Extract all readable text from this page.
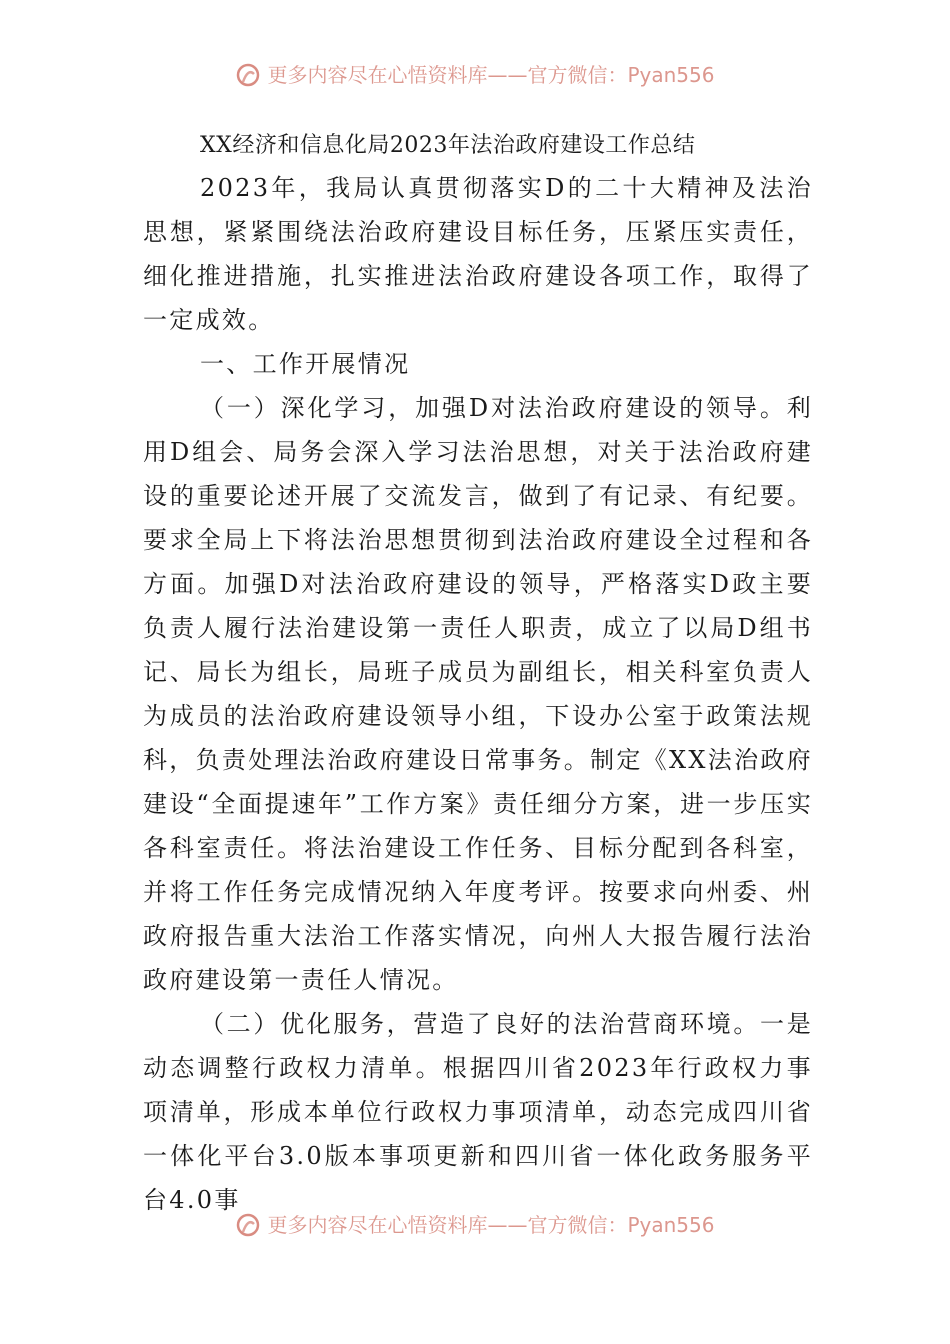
更多内容尽在心悟资料库——官方微信：Pyan556
XX经济和信息化局2023年法治政府建设工作总结

2023年，我局认真贯彻落实D的二十大精神及法治思想，紧紧围绕法治政府建设目标任务，压紧压实责任，细化推进措施，扎实推进法治政府建设各项工作，取得了一定成效。

一、工作开展情况

（一）深化学习，加强D对法治政府建设的领导。利用D组会、局务会深入学习法治思想，对关于法治政府建设的重要论述开展了交流发言，做到了有记录、有纪要。要求全局上下将法治思想贯彻到法治政府建设全过程和各方面。加强D对法治政府建设的领导，严格落实D政主要负责人履行法治建设第一责任人职责，成立了以局D组书记、局长为组长，局班子成员为副组长，相关科室负责人为成员的法治政府建设领导小组，下设办公室于政策法规科，负责处理法治政府建设日常事务。制定《XX法治政府建设“全面提速年”工作方案》责任细分方案，进一步压实各科室责任。将法治建设工作任务、目标分配到各科室，并将工作任务完成情况纳入年度考评。按要求向州委、州政府报告重大法治工作落实情况，向州人大报告履行法治政府建设第一责任人情况。

（二）优化服务，营造了良好的法治营商环境。一是动态调整行政权力清单。根据四川省2023年行政权力事项清单，形成本单位行政权力事项清单，动态完成四川省一体化平台3.0版本事项更新和四川省一体化政务服务平台4.0事

更多内容尽在心悟资料库——官方微信：Pyan556
